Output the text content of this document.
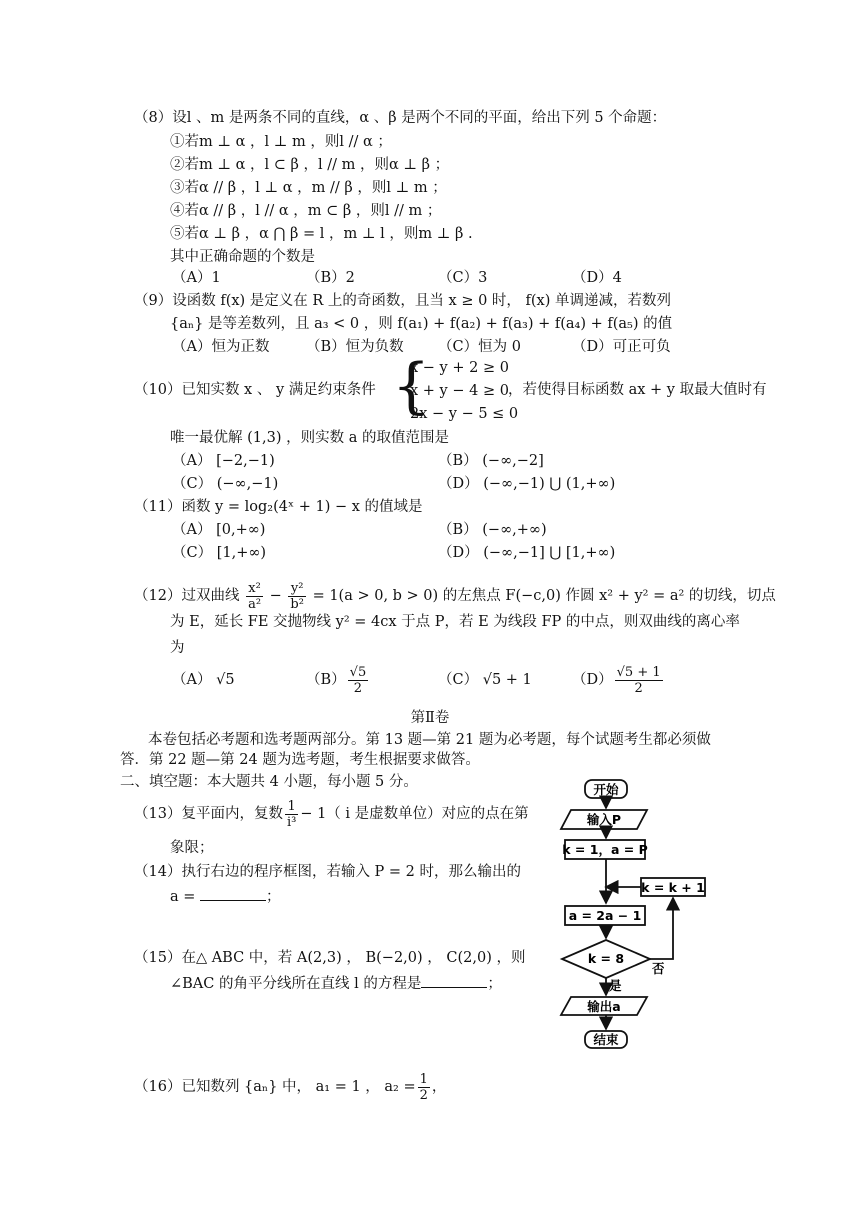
（8）设l 、m 是两条不同的直线，α 、β 是两个不同的平面，给出下列 5 个命题：
①若m ⊥ α ，l ⊥ m ，则l // α ；
②若m ⊥ α ，l ⊂ β ，l // m ，则α ⊥ β ；
③若α // β ，l ⊥ α ，m // β ，则l ⊥ m ；
④若α // β ，l // α ，m ⊂ β ，则l // m ；
⑤若α ⊥ β ，α ⋂ β = l ，m ⊥ l ，则m ⊥ β .
其中正确命题的个数是
（A）1	（B）2	（C）3	（D）4
（9）设函数 f(x) 是定义在 R 上的奇函数，且当 x ≥ 0 时， f(x) 单调递减，若数列
{aₙ} 是等差数列，且 a₃ < 0 ，则 f(a₁) + f(a₂) + f(a₃) + f(a₄) + f(a₅) 的值
（A）恒为正数	（B）恒为负数 （C）恒为 0	（D）可正可负
（10）已知实数 x 、 y 满足约束条件 {
x − y + 2 ≥ 0
x + y − 4 ≥ 0
2x − y − 5 ≤ 0
，若使得目标函数 ax + y 取最大值时有
唯一最优解 (1,3) ，则实数 a 的取值范围是
（A） [−2,−1)	（B） (−∞,−2]
（C） (−∞,−1)	（D） (−∞,−1) ⋃ (1,+∞)
（11）函数 y = log₂(4ˣ + 1) − x 的值域是
（A） [0,+∞)	（B） (−∞,+∞)
（C） [1,+∞)	（D） (−∞,−1] ⋃ [1,+∞)
（12）过双曲线 $\frac{\text{x²}}{\text{a²}} - \frac{\text{y²}}{\text{b²}} = 1(a > 0$, b > 0) 的左焦点 F(−c,0) 作圆 x² + y² = a² 的切线，切点
为 E，延长 FE 交抛物线 y² = 4cx 于点 P，若 E 为线段 FP 的中点，则双曲线的离心率
为
（A） √5	$(B) \frac{√5}{2}$	（C） √5 + 1	$(D) \frac{√5 + 1}{2}$
第Ⅱ卷
本卷包括必考题和选考题两部分。第 13 题—第 21 题为必考题，每个试题考生都必须做
答．第 22 题—第 24 题为选考题，考生根据要求做答。
二、填空题：本大题共 4 小题，每小题 5 分。
（13）复平面内，复数 $\frac{1}{\text{i³}} - 1$（ i 是虚数单位）对应的点在第
象限；
（14）执行右边的程序框图，若输入 P = 2 时，那么输出的
a =	；
（15）在△ ABC 中，若 A(2,3) ， B(−2,0) ， C(2,0) ，则
∠BAC 的角平分线所在直线 l 的方程是	；
（16）已知数列 {aₙ} 中， a₁ = 1 ， $a_2 = \frac{1}{2}$ ，
开始
输入P
k = 1，a = P
k = k + 1
a = 2a − 1
k = 8
否
是
输出a
结束
